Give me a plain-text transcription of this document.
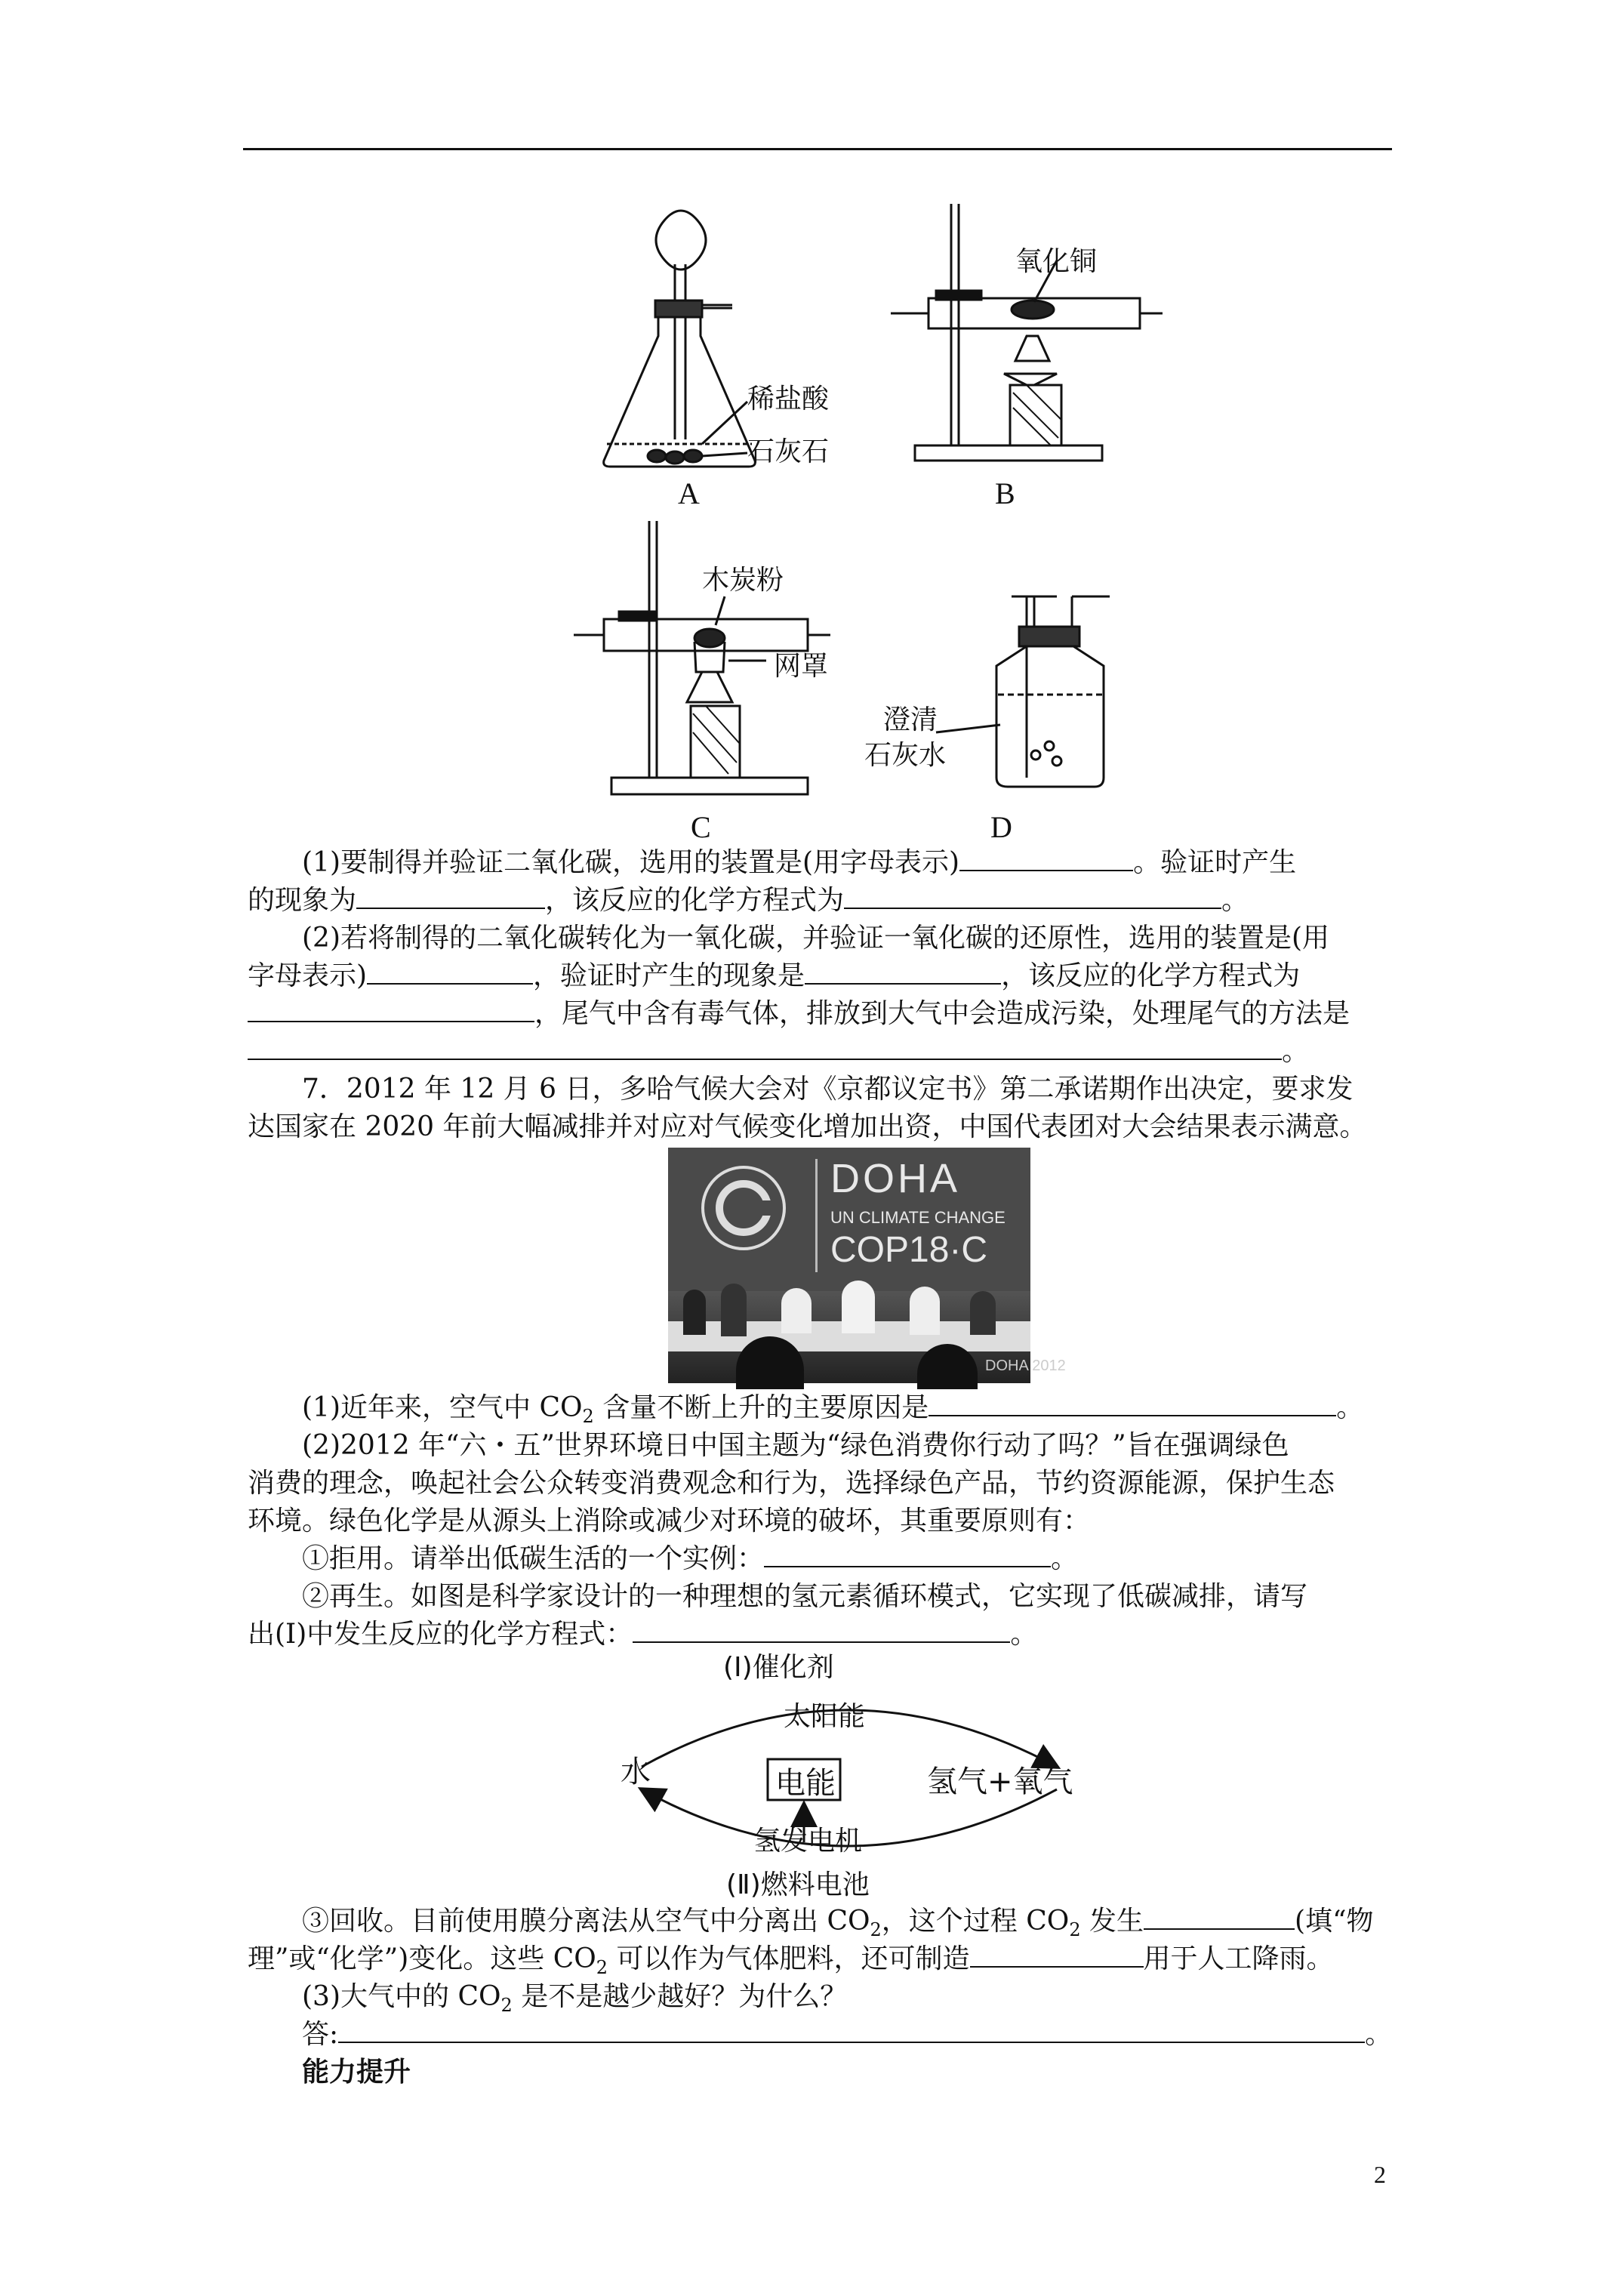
稀盐酸
石灰石
A
氧化铜
B
木炭粉
网罩
C
澄清
石灰水
D
(1)要制得并验证二氧化碳，选用的装置是(用字母表示)	。验证时产生
的现象为	，该反应的化学方程式为	。
(2)若将制得的二氧化碳转化为一氧化碳，并验证一氧化碳的还原性，选用的装置是(用
字母表示)	，验证时产生的现象是	，该反应的化学方程式为
，尾气中含有毒气体，排放到大气中会造成污染，处理尾气的方法是
。
7．2012 年 12 月 6 日，多哈气候大会对《京都议定书》第二承诺期作出决定，要求发
达国家在 2020 年前大幅减排并对应对气候变化增加出资，中国代表团对大会结果表示满意。
DOHA
UN CLIMATE CHANGE
COP18·C
DOHA 2012
(1)近年来，空气中 $CO_2$ 含量不断上升的主要原因是	。
(2)2012 年“六・五”世界环境日中国主题为“绿色消费你行动了吗？”旨在强调绿色
消费的理念，唤起社会公众转变消费观念和行为，选择绿色产品，节约资源能源，保护生态
环境。绿色化学是从源头上消除或减少对环境的破坏，其重要原则有：
①拒用。请举出低碳生活的一个实例：	。
②再生。如图是科学家设计的一种理想的氢元素循环模式，它实现了低碳减排，请写
出(Ⅰ)中发生反应的化学方程式：	。
(Ⅰ)催化剂
太阳能
水	电能	氢气+氧气
氢发电机
(Ⅱ)燃料电池
③回收。目前使用膜分离法从空气中分离出 $CO_2$，这个过程 $CO_2$ 发生	(填“物
理”或“化学”)变化。这些 $CO_2$ 可以作为气体肥料，还可制造	用于人工降雨。
(3)大气中的 $CO_2$ 是不是越少越好？为什么？
答:	。
能力提升
2
